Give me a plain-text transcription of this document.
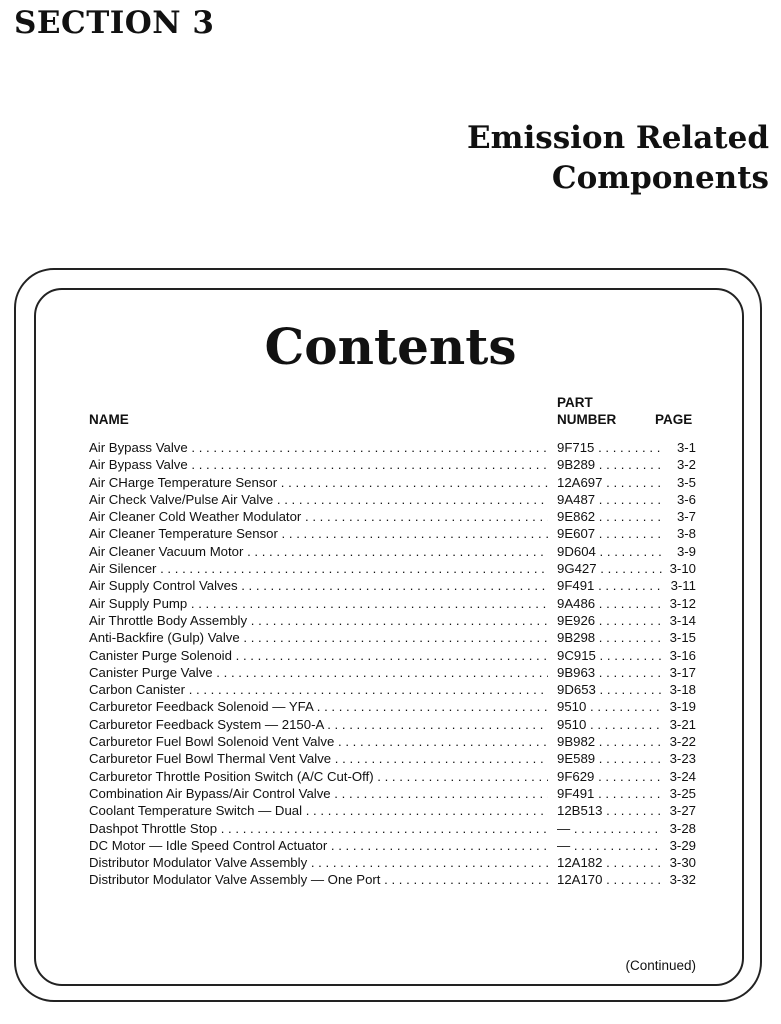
SECTION 3
Emission Related
Components
Contents
NAME
PART
NUMBER	PAGE
Air Bypass Valve . . .	9F715 . . .	3-1
Air Bypass Valve . . .	9B289 . . .	3-2
Air CHarge Temperature Sensor . . .	12A697 . . .	3-5
Air Check Valve/Pulse Air Valve . . .	9A487 . . .	3-6
Air Cleaner Cold Weather Modulator . . .	9E862 . . .	3-7
Air Cleaner Temperature Sensor . . .	9E607 . . .	3-8
Air Cleaner Vacuum Motor . . .	9D604 . . .	3-9
Air Silencer . . .	9G427 . . .	3-10
Air Supply Control Valves . . .	9F491 . . .	3-11
Air Supply Pump . . .	9A486 . . .	3-12
Air Throttle Body Assembly . . .	9E926 . . .	3-14
Anti-Backfire (Gulp) Valve . . .	9B298 . . .	3-15
Canister Purge Solenoid . . .	9C915 . . .	3-16
Canister Purge Valve . . .	9B963 . . .	3-17
Carbon Canister . . .	9D653 . . .	3-18
Carburetor Feedback Solenoid — YFA . . .	9510 . . .	3-19
Carburetor Feedback System — 2150-A . . .	9510 . . .	3-21
Carburetor Fuel Bowl Solenoid Vent Valve . . .	9B982 . . .	3-22
Carburetor Fuel Bowl Thermal Vent Valve . . .	9E589 . . .	3-23
Carburetor Throttle Position Switch (A/C Cut-Off) . . .	9F629 . . .	3-24
Combination Air Bypass/Air Control Valve . . .	9F491 . . .	3-25
Coolant Temperature Switch — Dual . . .	12B513 . . .	3-27
Dashpot Throttle Stop . . .	— . . .	3-28
DC Motor — Idle Speed Control Actuator . . .	— . . .	3-29
Distributor Modulator Valve Assembly . . .	12A182 . . .	3-30
Distributor Modulator Valve Assembly — One Port . . .	12A170 . . .	3-32
(Continued)
